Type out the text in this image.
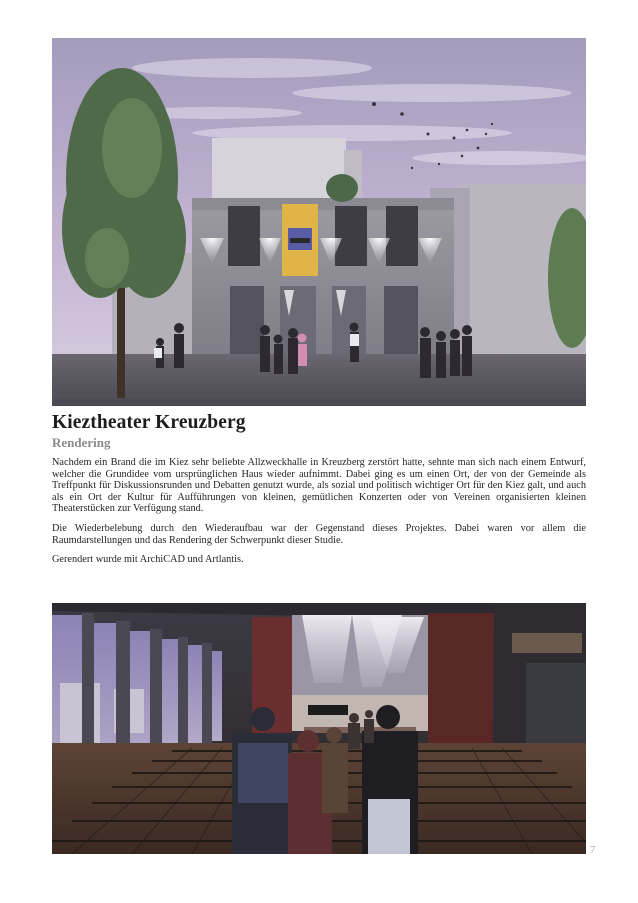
Kieztheater Kreuzberg
Rendering

Nachdem ein Brand die im Kiez sehr beliebte Allzweckhalle in Kreuzberg zerstört hatte, sehnte man sich nach einem Entwurf, welcher die Grundidee vom ursprünglichen Haus wieder aufnimmt. Dabei ging es um einen Ort, der von der Gemeinde als Treffpunkt für Diskussionsrunden und Debatten genutzt wurde, als sozial und politisch wichtiger Ort für den Kiez galt, und auch als ein Ort der Kultur für Aufführungen von kleinen, gemütlichen Konzerten oder von Vereinen organisierten kleinen Theaterstücken zur Verfügung stand.

Die Wiederbelebung durch den Wiederaufbau war der Gegenstand dieses Projektes. Dabei waren vor allem die Raumdarstellungen und das Rendering der Schwerpunkt dieser Studie.

Gerendert wurde mit ArchiCAD und Artlantis.

7
